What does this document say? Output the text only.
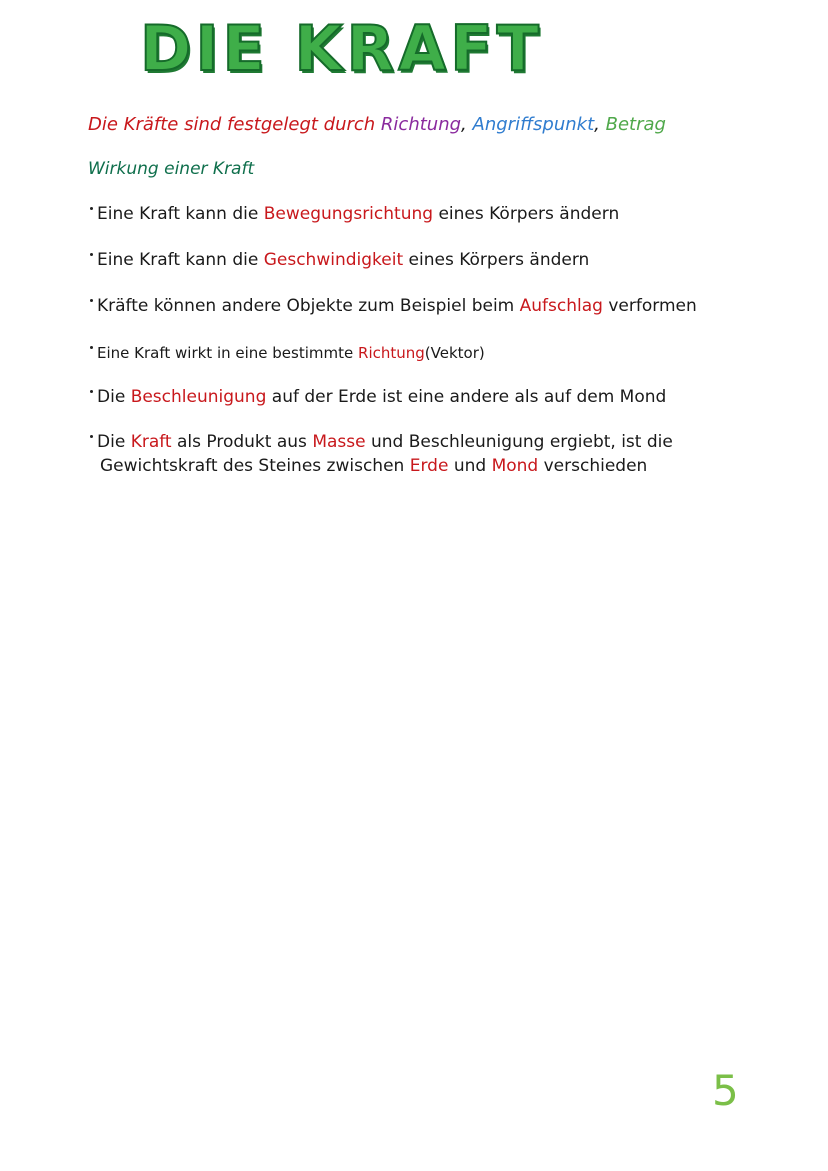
DIE KRAFT
Die Kräfte sind festgelegt durch Richtung, Angriffspunkt, Betrag
Wirkung einer Kraft
Eine Kraft kann die Bewegungsrichtung eines Körpers ändern
Eine Kraft kann die Geschwindigkeit eines Körpers ändern
Kräfte können andere Objekte zum Beispiel beim Aufschlag verformen
Eine Kraft wirkt in eine bestimmte Richtung(Vektor)
Die Beschleunigung auf der Erde ist eine andere als auf dem Mond
Die Kraft als Produkt aus Masse und Beschleunigung ergiebt, ist die
Gewichtskraft des Steines zwischen Erde und Mond verschieden
5
